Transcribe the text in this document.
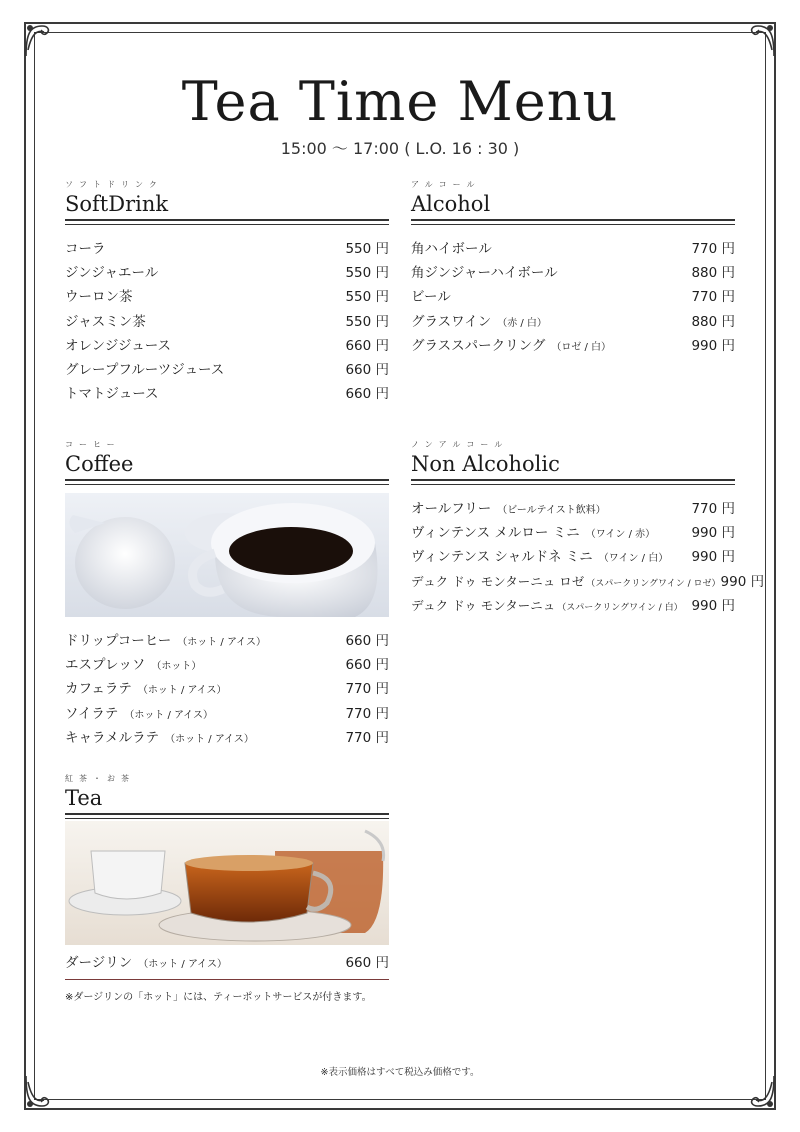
Tea Time Menu
15:00 ～ 17:00 ( L.O. 16 : 30 )
ソフトドリンク
SoftDrink
コーラ	550 円
ジンジャエール	550 円
ウーロン茶	550 円
ジャスミン茶	550 円
オレンジジュース	660 円
グレープフルーツジュース	660 円
トマトジュース	660 円
アルコール
Alcohol
角ハイボール	770 円
角ジンジャーハイボール	880 円
ビール	770 円
グラスワイン （赤 / 白）	880 円
グラススパークリング （ロゼ / 白）	990 円
コーヒー
Coffee
ドリップコーヒー （ホット / アイス）	660 円
エスプレッソ （ホット）	660 円
カフェラテ （ホット / アイス）	770 円
ソイラテ （ホット / アイス）	770 円
キャラメルラテ （ホット / アイス）	770 円
ノンアルコール
Non Alcoholic
オールフリー （ビールテイスト飲料）	770 円
ヴィンテンス メルロー ミニ （ワイン / 赤）	990 円
ヴィンテンス シャルドネ ミニ （ワイン / 白） 990 円
デュク ドゥ モンターニュ ロゼ （スパークリングワイン / ロゼ） 990 円
デュク ドゥ モンターニュ （スパークリングワイン / 白） 990 円
紅茶・お茶
Tea
ダージリン （ホット / アイス）	660 円
※ダージリンの「ホット」には、ティーポットサービスが付きます。
※表示価格はすべて税込み価格です。
